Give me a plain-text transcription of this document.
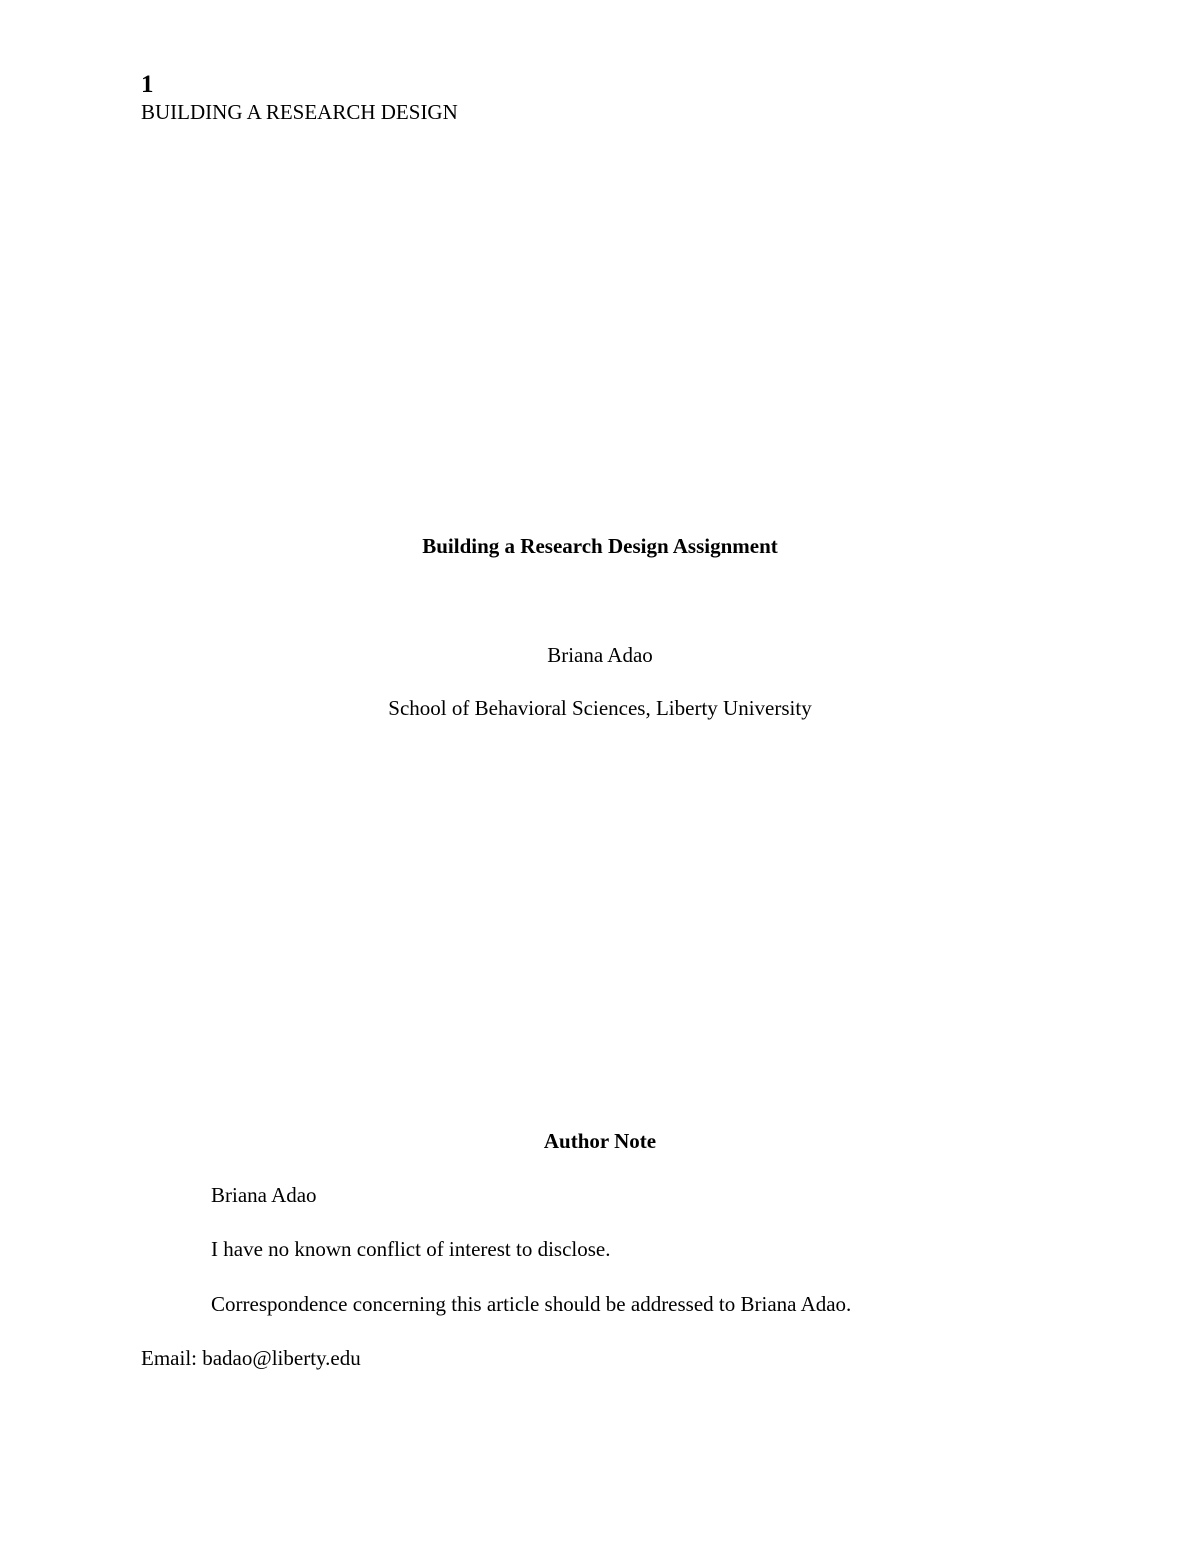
1
BUILDING A RESEARCH DESIGN
Building a Research Design Assignment
Briana Adao
School of Behavioral Sciences, Liberty University
Author Note
Briana Adao
I have no known conflict of interest to disclose.
Correspondence concerning this article should be addressed to Briana Adao.
Email: badao@liberty.edu
